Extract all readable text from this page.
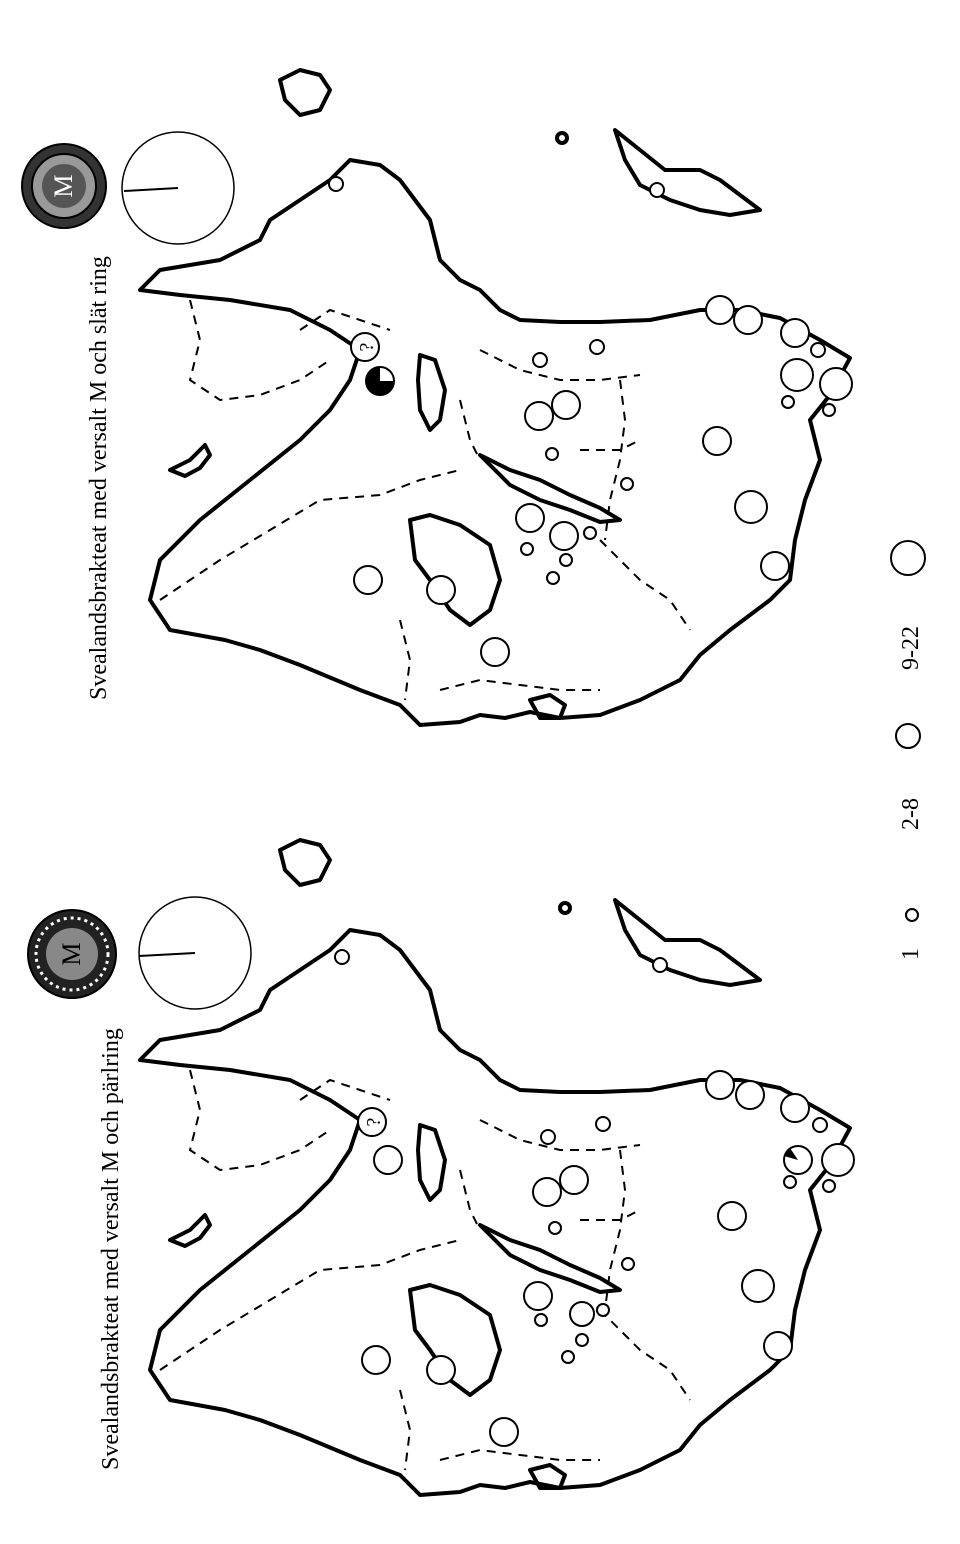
Svealandsbrakteat med versalt M och slät ring
M
?
Svealandsbrakteat med versalt M och pärlring
M
?
9-22
2-8
1
